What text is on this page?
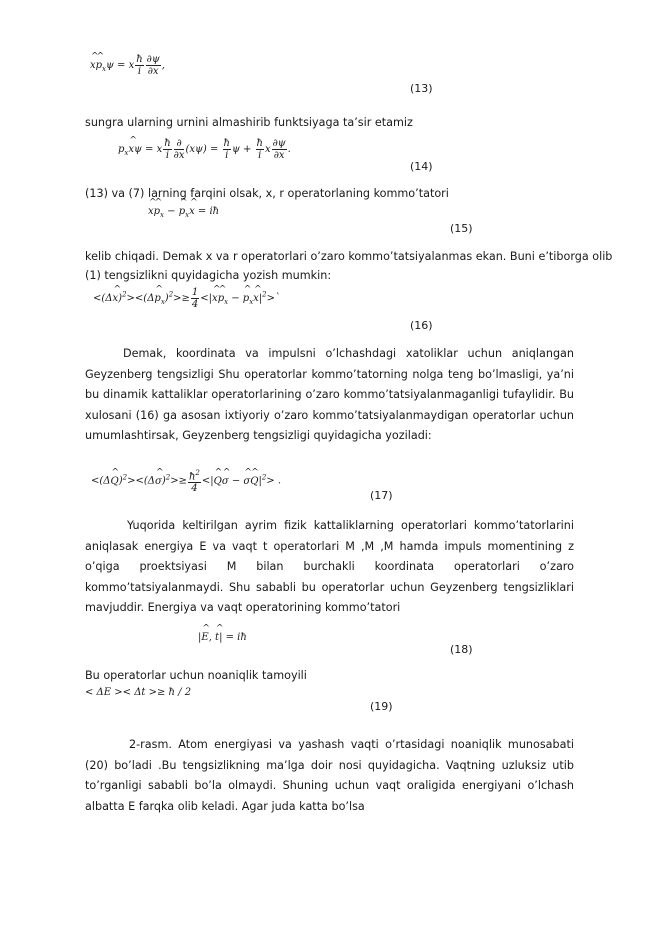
^ x^ $p_x\psi = x \frac{ħ}{i} \frac{\partial\psi}{\partial x}$ ,
(13)
sungra ularning urnini almashirib funktsiyaga ta’sir etamiz
$p_x\^{}$ xψ = x $\frac{ħ}{i} \frac{\partial}{\partial x} (x\psi) = \frac{ħ}{i}$ $\psi + \frac{ħ}{i}$ x $\frac{\partial\psi}{\partial x}$ .
(14)
(13) va (7) larning farqini olsak, x, r operatorlaning kommo’tatori
^ x^ $p_x$ − ^ $p_x\^{}$ x = iħ
(15)
kelib chiqadi. Demak x va r operatorlari o’zaro kommo’tatsiyalanmas ekan. Buni e’tiborga olib
(1) tengsizlikni quyidagicha yozish mumkin:
<(Δ^ x)$^2$><(Δ^ $p_x)^2>\ge \frac{1}{4}$ <|^ x^ $p_x$ − ^ $p_x\^{}$ $x|^2>`$
(16)
Demak, koordinata va impulsni o’lchashdagi xatoliklar uchun aniqlangan Geyzenberg tengsizligi Shu operatorlar kommo’tatorning nolga teng bo’lmasligi, ya’ni bu dinamik kattaliklar operatorlarining o’zaro kommo’tatsiyalanmaganligi tufaylidir. Bu xulosani (16) ga asosan ixtiyoriy o’zaro kommo’tatsiyalanmaydigan operatorlar uchun umumlashtirsak, Geyzenberg tengsizligi quyidagicha yoziladi:
<(Δ^ Q)$^2$><(Δ^ $\sigma)^2>\ge \frac{ħ^2}{4}$ <|^ Q^ σ − ^ σ^ $Q|^2>$ .
(17)
Yuqorida keltirilgan ayrim fizik kattaliklarning operatorlari kommo’tatorlarini aniqlasak energiya E va vaqt t operatorlari M ,M ,M hamda impuls momentining z o’qiga proektsiyasi M bilan burchakli koordinata operatorlari o’zaro kommo’tatsiyalanmaydi. Shu sababli bu operatorlar uchun Geyzenberg tengsizliklari mavjuddir. Energiya va vaqt operatorining kommo’tatori
|^ E, ^ t| = iħ
(18)
Bu operatorlar uchun noaniqlik tamoyili
< ΔE >< Δt >≥ ħ / 2
(19)
2-rasm. Atom energiyasi va yashash vaqti o’rtasidagi noaniqlik munosabati (20) bo’ladi .Bu tengsizlikning ma’lga doir nosi quyidagicha. Vaqtning uzluksiz utib to’rganligi sababli bo’la olmaydi. Shuning uchun vaqt oraligida energiyani o’lchash albatta E farqka olib keladi. Agar juda katta bo’lsa
